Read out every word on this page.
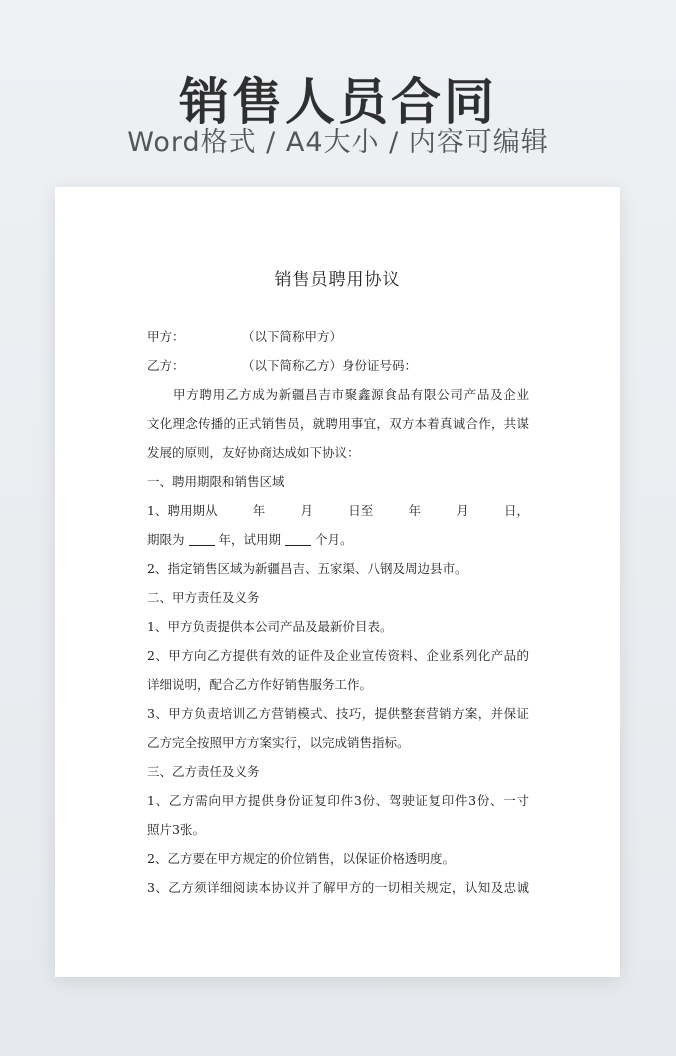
销售人员合同
Word格式 / A4大小 / 内容可编辑
销售员聘用协议
甲方：	（以下简称甲方）
乙方：	（以下简称乙方）身份证号码：
甲方聘用乙方成为新疆昌吉市聚鑫源食品有限公司产品及企业
文化理念传播的正式销售员，就聘用事宜，双方本着真诚合作，共谋
发展的原则，友好协商达成如下协议：
一、聘用期限和销售区域
1、聘用期从	年	月	日至	年	月	日，
期限为	年，试用期	个月。
2、指定销售区域为新疆昌吉、五家渠、八钢及周边县市。
二、甲方责任及义务
1、甲方负责提供本公司产品及最新价目表。
2、甲方向乙方提供有效的证件及企业宣传资料、企业系列化产品的
详细说明，配合乙方作好销售服务工作。
3、甲方负责培训乙方营销模式、技巧，提供整套营销方案，并保证
乙方完全按照甲方方案实行，以完成销售指标。
三、乙方责任及义务
1、乙方需向甲方提供身份证复印件3份、驾驶证复印件3份、一寸
照片3张。
2、乙方要在甲方规定的价位销售，以保证价格透明度。
3、乙方须详细阅读本协议并了解甲方的一切相关规定，认知及忠诚
